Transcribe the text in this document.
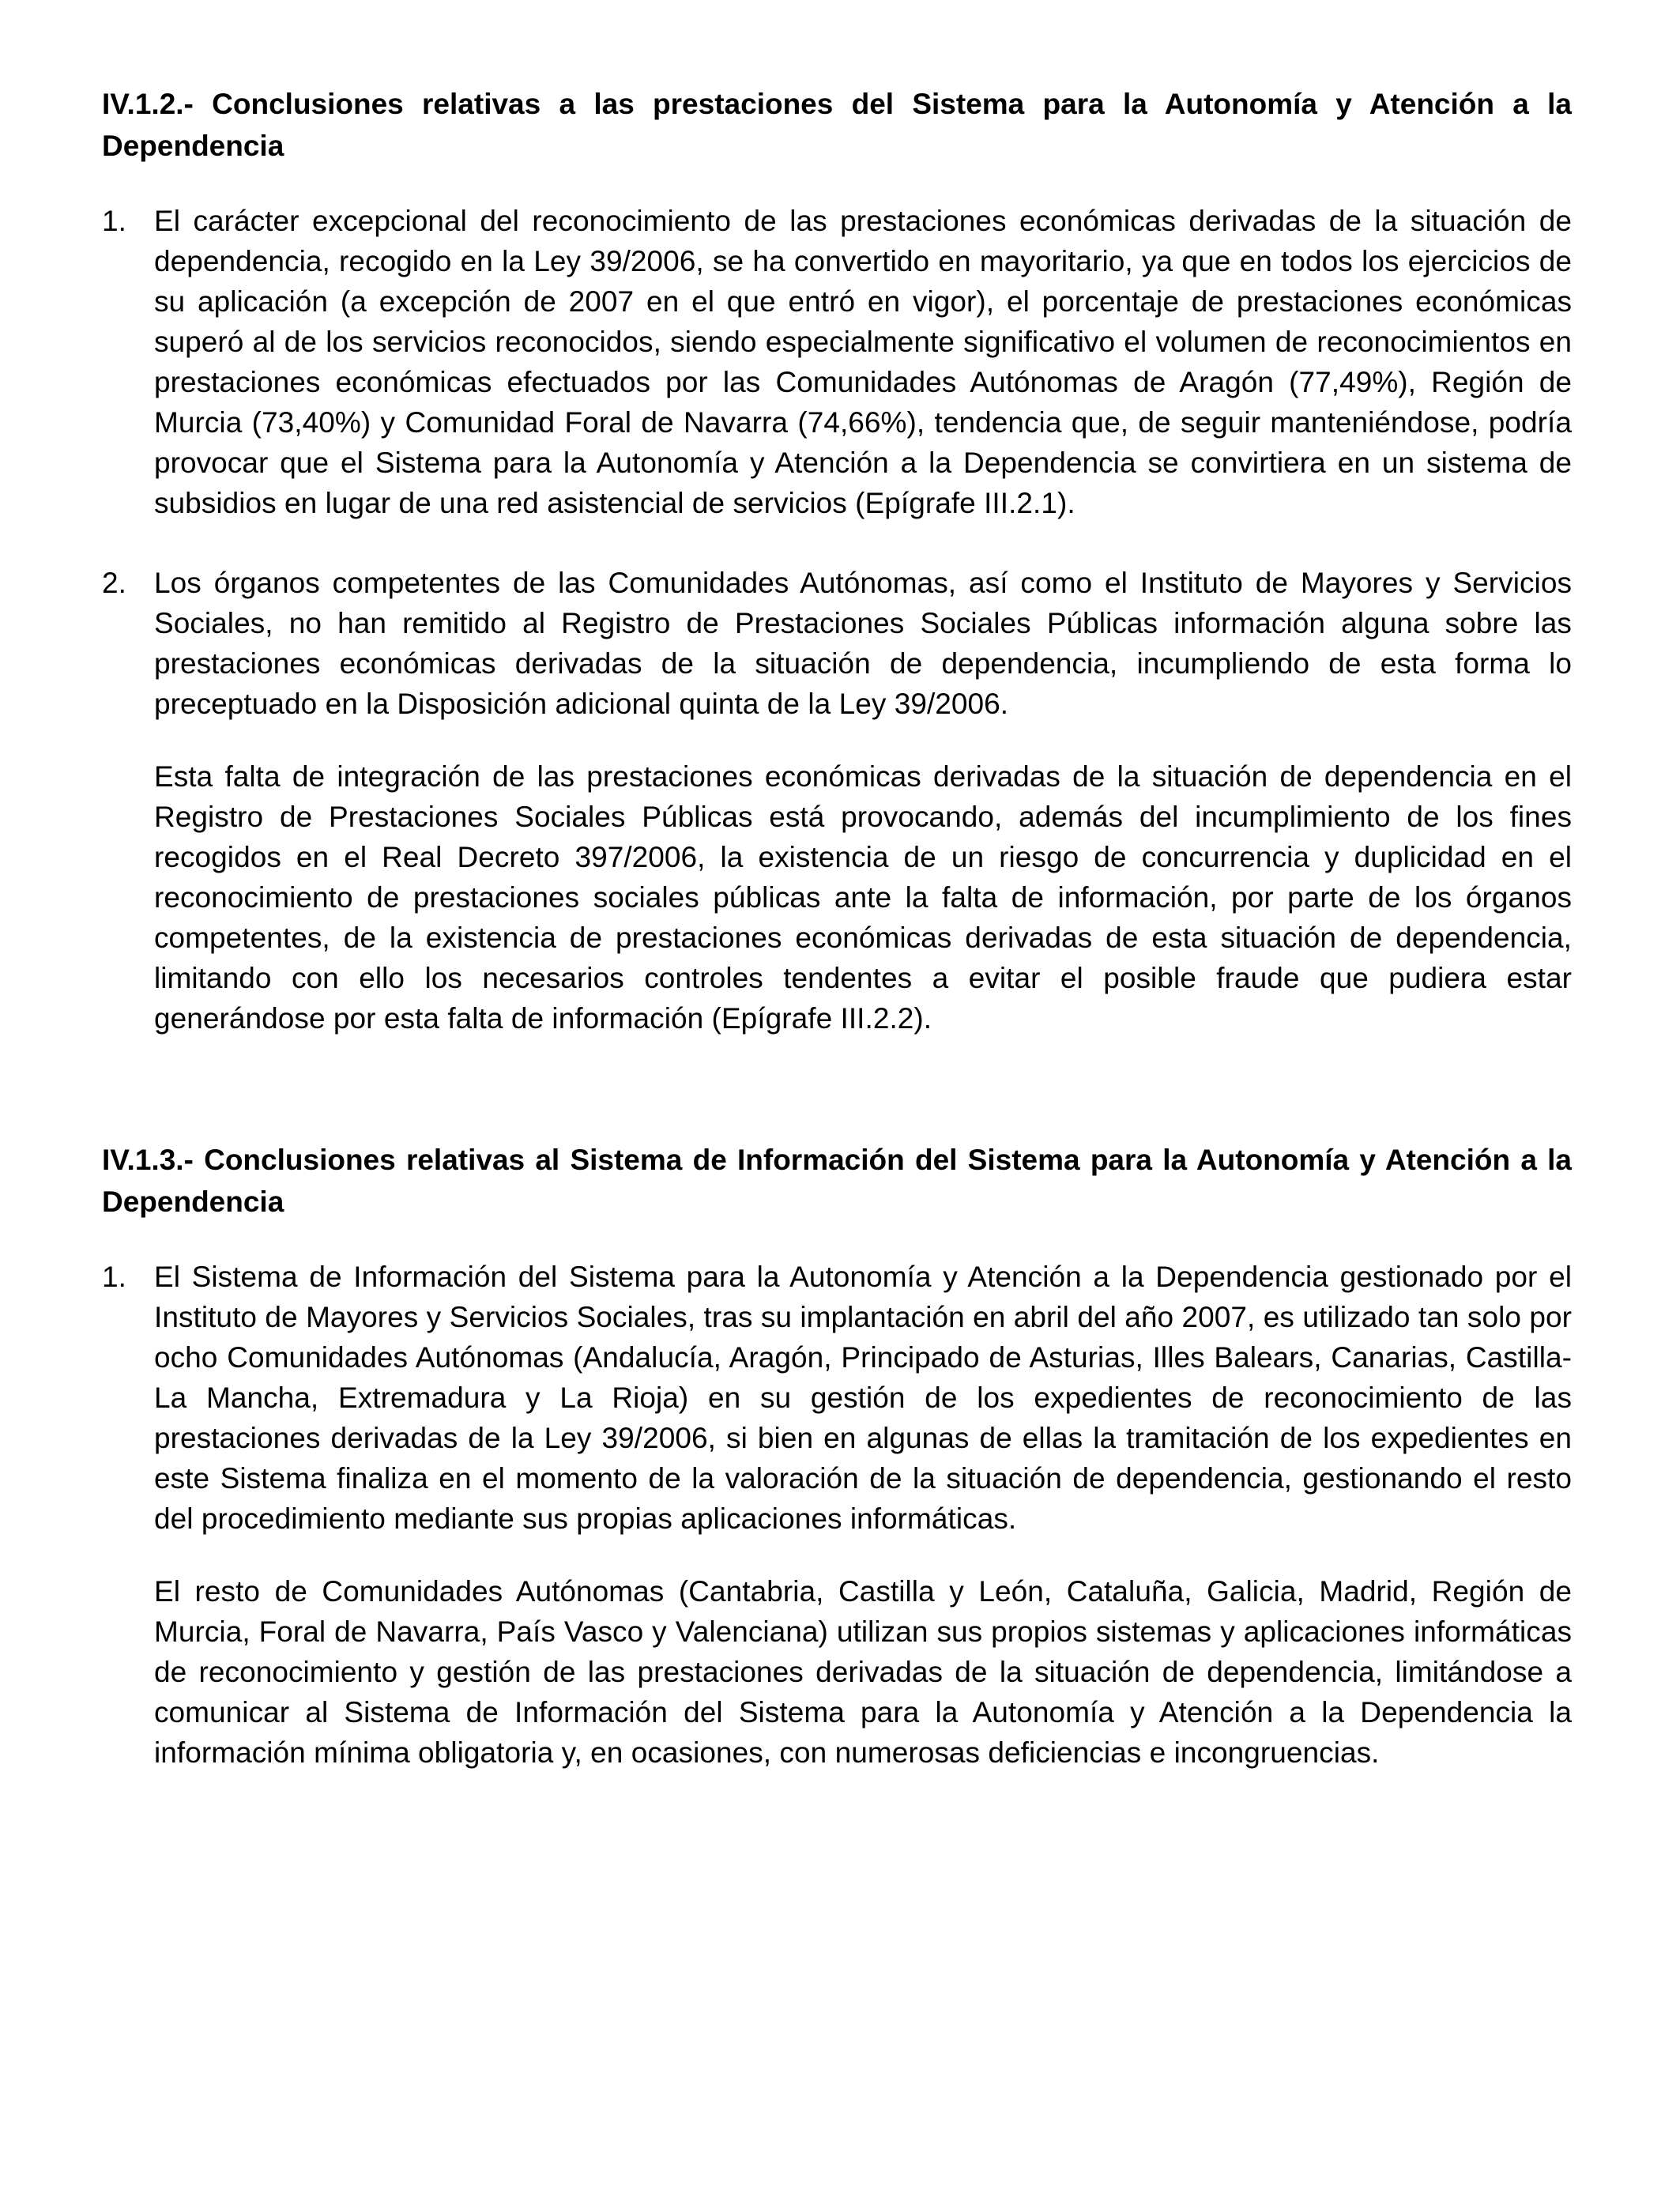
IV.1.2.- Conclusiones relativas a las prestaciones del Sistema para la Autonomía y Atención a la Dependencia
1. El carácter excepcional del reconocimiento de las prestaciones económicas derivadas de la situación de dependencia, recogido en la Ley 39/2006, se ha convertido en mayoritario, ya que en todos los ejercicios de su aplicación (a excepción de 2007 en el que entró en vigor), el porcentaje de prestaciones económicas superó al de los servicios reconocidos, siendo especialmente significativo el volumen de reconocimientos en prestaciones económicas efectuados por las Comunidades Autónomas de Aragón (77,49%), Región de Murcia (73,40%) y Comunidad Foral de Navarra (74,66%), tendencia que, de seguir manteniéndose, podría provocar que el Sistema para la Autonomía y Atención a la Dependencia se convirtiera en un sistema de subsidios en lugar de una red asistencial de servicios (Epígrafe III.2.1).

2. Los órganos competentes de las Comunidades Autónomas, así como el Instituto de Mayores y Servicios Sociales, no han remitido al Registro de Prestaciones Sociales Públicas información alguna sobre las prestaciones económicas derivadas de la situación de dependencia, incumpliendo de esta forma lo preceptuado en la Disposición adicional quinta de la Ley 39/2006.

Esta falta de integración de las prestaciones económicas derivadas de la situación de dependencia en el Registro de Prestaciones Sociales Públicas está provocando, además del incumplimiento de los fines recogidos en el Real Decreto 397/2006, la existencia de un riesgo de concurrencia y duplicidad en el reconocimiento de prestaciones sociales públicas ante la falta de información, por parte de los órganos competentes, de la existencia de prestaciones económicas derivadas de esta situación de dependencia, limitando con ello los necesarios controles tendentes a evitar el posible fraude que pudiera estar generándose por esta falta de información (Epígrafe III.2.2).

IV.1.3.- Conclusiones relativas al Sistema de Información del Sistema para la Autonomía y Atención a la Dependencia
1. El Sistema de Información del Sistema para la Autonomía y Atención a la Dependencia gestionado por el Instituto de Mayores y Servicios Sociales, tras su implantación en abril del año 2007, es utilizado tan solo por ocho Comunidades Autónomas (Andalucía, Aragón, Principado de Asturias, Illes Balears, Canarias, Castilla-La Mancha, Extremadura y La Rioja) en su gestión de los expedientes de reconocimiento de las prestaciones derivadas de la Ley 39/2006, si bien en algunas de ellas la tramitación de los expedientes en este Sistema finaliza en el momento de la valoración de la situación de dependencia, gestionando el resto del procedimiento mediante sus propias aplicaciones informáticas.

El resto de Comunidades Autónomas (Cantabria, Castilla y León, Cataluña, Galicia, Madrid, Región de Murcia, Foral de Navarra, País Vasco y Valenciana) utilizan sus propios sistemas y aplicaciones informáticas de reconocimiento y gestión de las prestaciones derivadas de la situación de dependencia, limitándose a comunicar al Sistema de Información del Sistema para la Autonomía y Atención a la Dependencia la información mínima obligatoria y, en ocasiones, con numerosas deficiencias e incongruencias.
